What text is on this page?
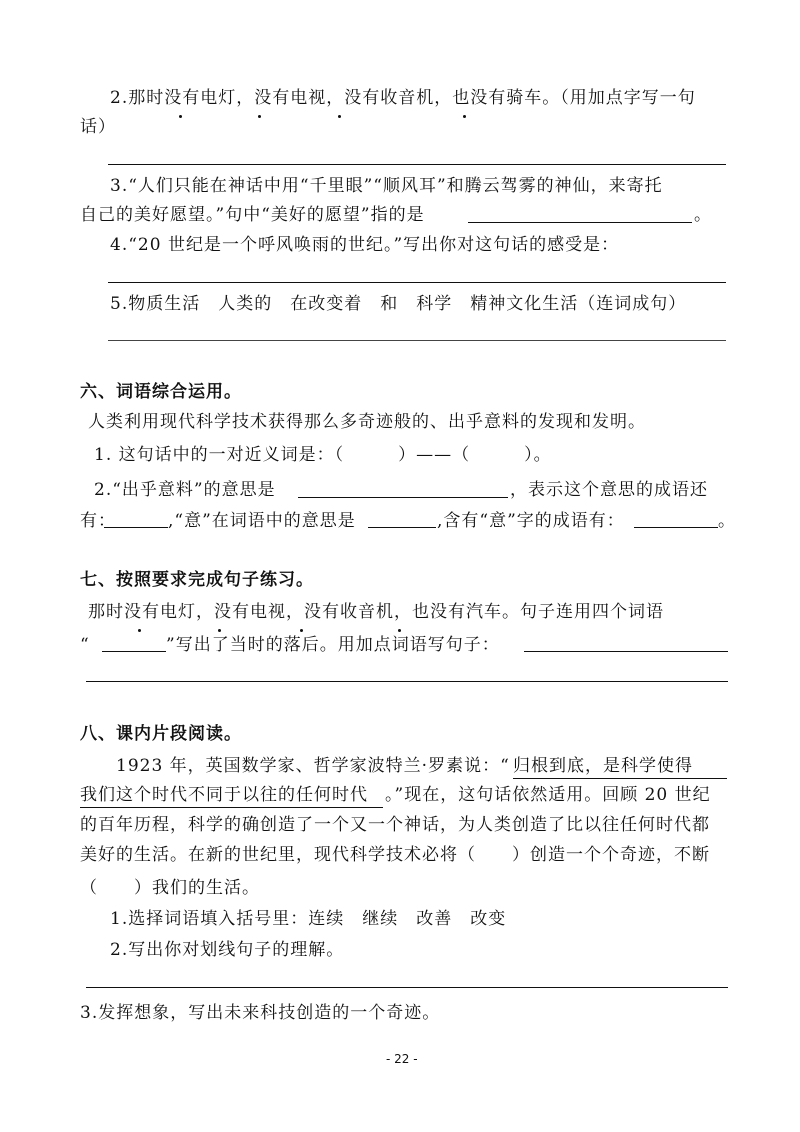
2.那时没有电灯，没有电视，没有收音机，也没有骑车。（用加点字写一句
话）
3.“人们只能在神话中用“千里眼”“顺风耳”和腾云驾雾的神仙，来寄托
自己的美好愿望。”句中“美好的愿望”指的是	。
4.“20 世纪是一个呼风唤雨的世纪。”写出你对这句话的感受是：
5.物质生活　人类的　在改变着　和　科学　精神文化生活（连词成句）
六、词语综合运用。
人类利用现代科学技术获得那么多奇迹般的、出乎意料的发现和发明。
1. 这句话中的一对近义词是：（　　　）——（　　　）。
2.“出乎意料”的意思是	，表示这个意思的成语还
有：	,“意”在词语中的意思是	,含有“意”字的成语有：	。
七、按照要求完成句子练习。
那时没有电灯，没有电视，没有收音机，也没有汽车。句子连用四个词语
“	”写出了当时的落后。用加点词语写句子：
八、课内片段阅读。
1923 年，英国数学家、哲学家波特兰·罗素说：“ 归根到底，是科学使得
我们这个时代不同于以往的任何时代 。”现在，这句话依然适用。回顾 20 世纪
的百年历程，科学的确创造了一个又一个神话，为人类创造了比以往任何时代都
美好的生活。在新的世纪里，现代科学技术必将（　　）创造一个个奇迹，不断
（　　）我们的生活。
1.选择词语填入括号里：连续　继续　改善　改变
2.写出你对划线句子的理解。
3.发挥想象，写出未来科技创造的一个奇迹。
- 22 -
